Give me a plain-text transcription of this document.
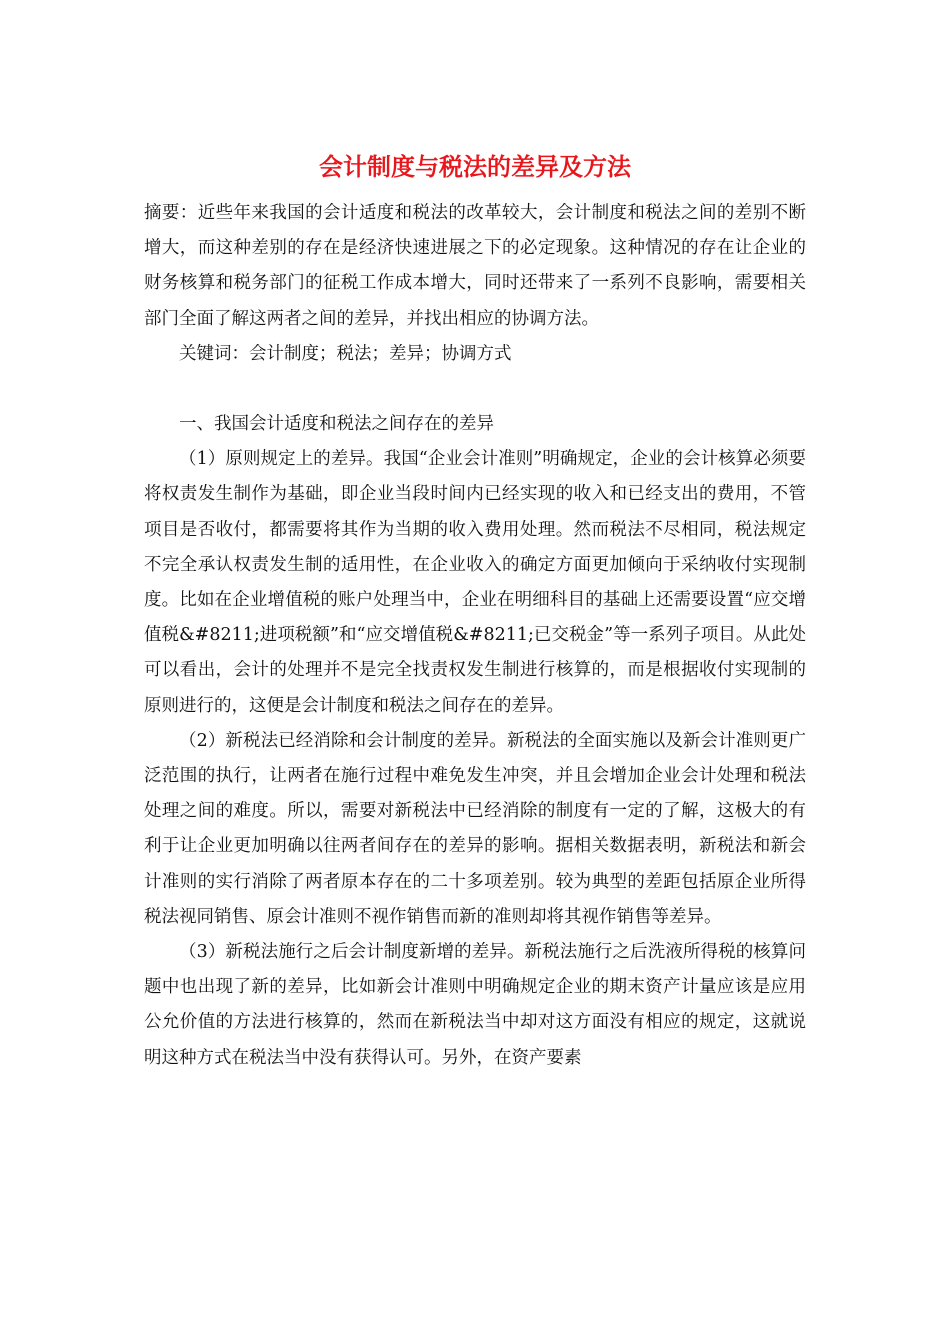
会计制度与税法的差异及方法

摘要：近些年来我国的会计适度和税法的改革较大，会计制度和税法之间的差别不断增大，而这种差别的存在是经济快速进展之下的必定现象。这种情况的存在让企业的财务核算和税务部门的征税工作成本增大，同时还带来了一系列不良影响，需要相关部门全面了解这两者之间的差异，并找出相应的协调方法。

关键词：会计制度；税法；差异；协调方式

一、我国会计适度和税法之间存在的差异

（1）原则规定上的差异。我国“企业会计准则”明确规定，企业的会计核算必须要将权责发生制作为基础，即企业当段时间内已经实现的收入和已经支出的费用，不管项目是否收付，都需要将其作为当期的收入费用处理。然而税法不尽相同，税法规定不完全承认权责发生制的适用性，在企业收入的确定方面更加倾向于采纳收付实现制度。比如在企业增值税的账户处理当中，企业在明细科目的基础上还需要设置“应交增值税&#8211;进项税额”和“应交增值税&#8211;已交税金”等一系列子项目。从此处可以看出，会计的处理并不是完全找责权发生制进行核算的，而是根据收付实现制的原则进行的，这便是会计制度和税法之间存在的差异。

（2）新税法已经消除和会计制度的差异。新税法的全面实施以及新会计准则更广泛范围的执行，让两者在施行过程中难免发生冲突，并且会增加企业会计处理和税法处理之间的难度。所以，需要对新税法中已经消除的制度有一定的了解，这极大的有利于让企业更加明确以往两者间存在的差异的影响。据相关数据表明，新税法和新会计准则的实行消除了两者原本存在的二十多项差别。较为典型的差距包括原企业所得税法视同销售、原会计准则不视作销售而新的准则却将其视作销售等差异。

（3）新税法施行之后会计制度新增的差异。新税法施行之后洗液所得税的核算问题中也出现了新的差异，比如新会计准则中明确规定企业的期末资产计量应该是应用公允价值的方法进行核算的，然而在新税法当中却对这方面没有相应的规定，这就说明这种方式在税法当中没有获得认可。另外，在资产要素
